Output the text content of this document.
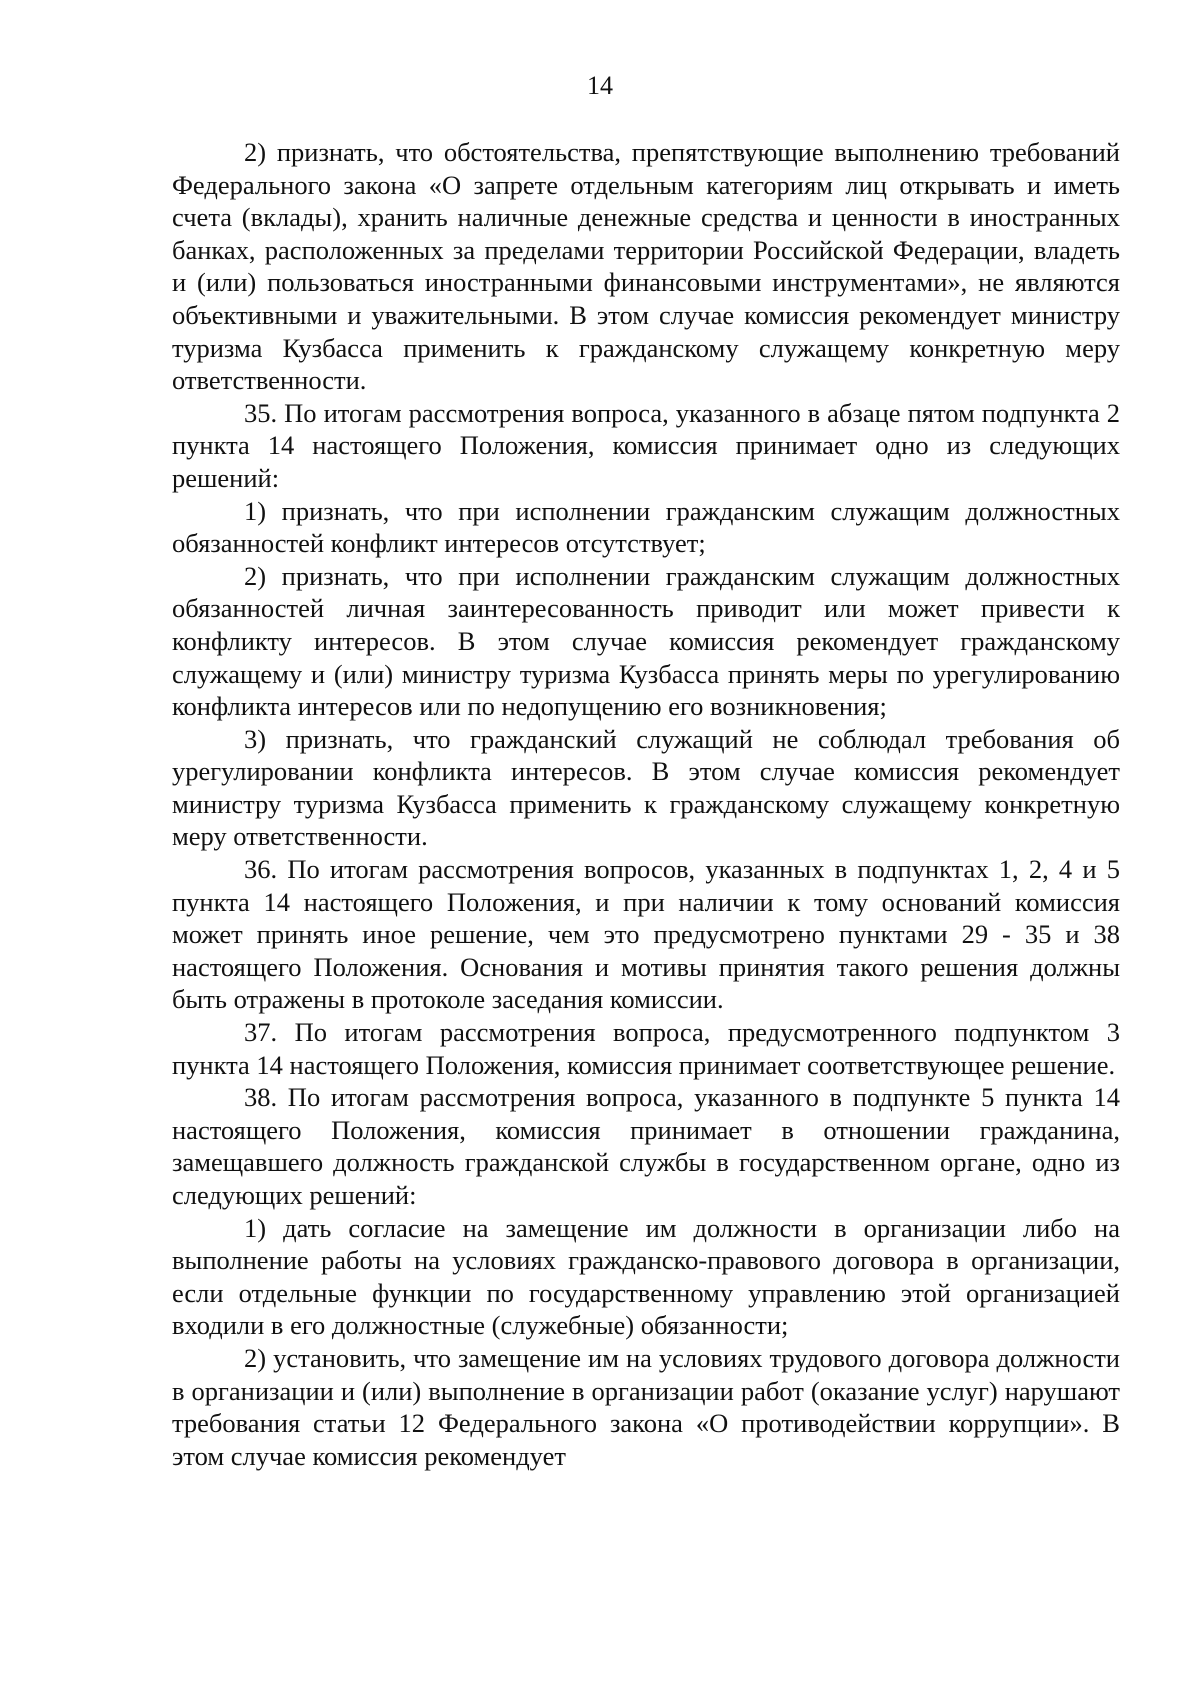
14

2) признать, что обстоятельства, препятствующие выполнению требований Федерального закона «О запрете отдельным категориям лиц открывать и иметь счета (вклады), хранить наличные денежные средства и ценности в иностранных банках, расположенных за пределами территории Российской Федерации, владеть и (или) пользоваться иностранными финансовыми инструментами», не являются объективными и уважительными. В этом случае комиссия рекомендует министру туризма Кузбасса применить к гражданскому служащему конкретную меру ответственности.

35. По итогам рассмотрения вопроса, указанного в абзаце пятом подпункта 2 пункта 14 настоящего Положения, комиссия принимает одно из следующих решений:

1) признать, что при исполнении гражданским служащим должностных обязанностей конфликт интересов отсутствует;

2) признать, что при исполнении гражданским служащим должностных обязанностей личная заинтересованность приводит или может привести к конфликту интересов. В этом случае комиссия рекомендует гражданскому служащему и (или) министру туризма Кузбасса принять меры по урегулированию конфликта интересов или по недопущению его возникновения;

3) признать, что гражданский служащий не соблюдал требования об урегулировании конфликта интересов. В этом случае комиссия рекомендует министру туризма Кузбасса применить к гражданскому служащему конкретную меру ответственности.

36. По итогам рассмотрения вопросов, указанных в подпунктах 1, 2, 4 и 5 пункта 14 настоящего Положения, и при наличии к тому оснований комиссия может принять иное решение, чем это предусмотрено пунктами 29 - 35 и 38 настоящего Положения. Основания и мотивы принятия такого решения должны быть отражены в протоколе заседания комиссии.

37. По итогам рассмотрения вопроса, предусмотренного подпунктом 3 пункта 14 настоящего Положения, комиссия принимает соответствующее решение.

38. По итогам рассмотрения вопроса, указанного в подпункте 5 пункта 14 настоящего Положения, комиссия принимает в отношении гражданина, замещавшего должность гражданской службы в государственном органе, одно из следующих решений:

1) дать согласие на замещение им должности в организации либо на выполнение работы на условиях гражданско-правового договора в организации, если отдельные функции по государственному управлению этой организацией входили в его должностные (служебные) обязанности;

2) установить, что замещение им на условиях трудового договора должности в организации и (или) выполнение в организации работ (оказание услуг) нарушают требования статьи 12 Федерального закона «О противодействии коррупции». В этом случае комиссия рекомендует
